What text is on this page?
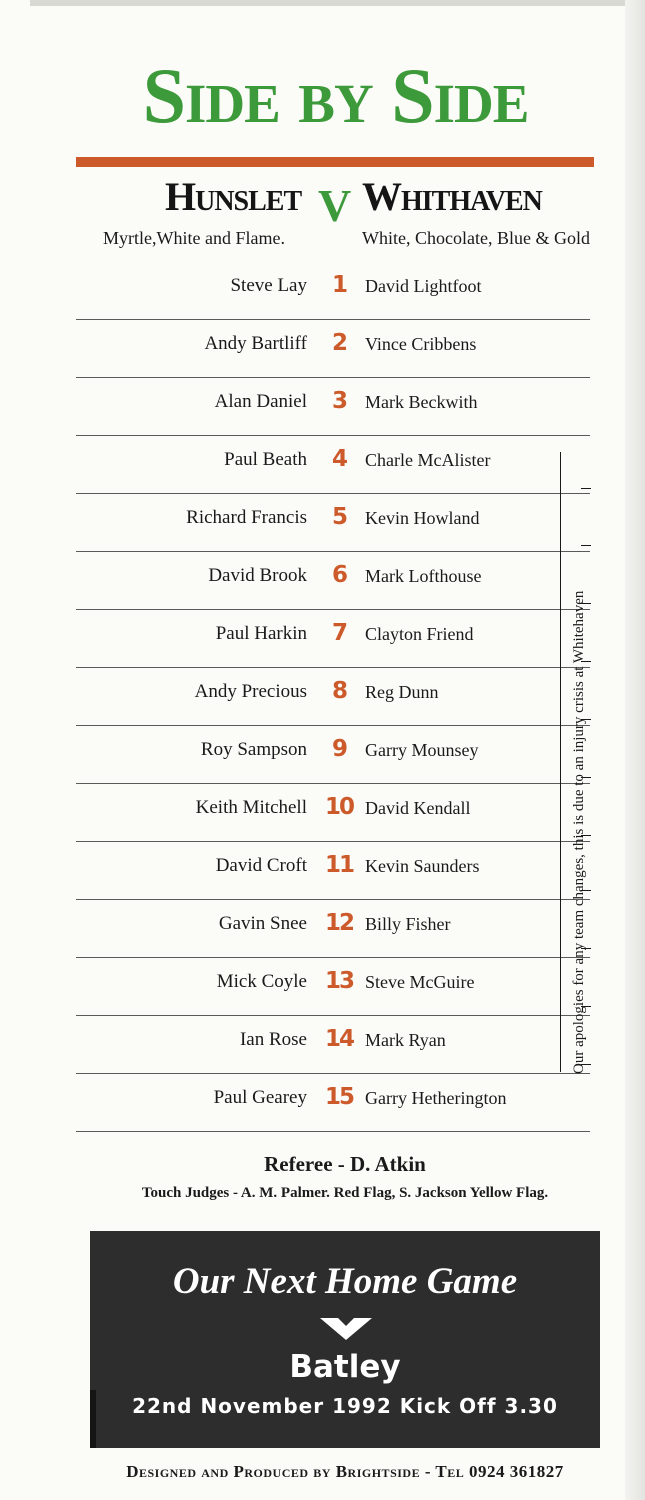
Side by Side
Hunslet V Whithaven
Myrtle,White and Flame.	White, Chocolate, Blue & Gold
Steve Lay	1	David Lightfoot
Andy Bartliff	2	Vince Cribbens
Alan Daniel	3	Mark Beckwith
Paul Beath	4	Charle McAlister
Richard Francis	5	Kevin Howland
David Brook	6	Mark Lofthouse
Paul Harkin	7	Clayton Friend
Andy Precious	8	Reg Dunn
Roy Sampson	9	Garry Mounsey
Keith Mitchell 10 David Kendall
David Croft 11 Kevin Saunders
Gavin Snee 12 Billy Fisher
Mick Coyle 13 Steve McGuire
Ian Rose 14 Mark Ryan
Paul Gearey 15 Garry Hetherington
Our apologies for any team changes, this is due to an injury crisis at Whitehaven
Referee - D. Atkin
Touch Judges - A. M. Palmer. Red Flag, S. Jackson Yellow Flag.
Our Next Home Game
Batley
22nd November 1992 Kick Off 3.30
Designed and Produced by Brightside - Tel 0924 361827
